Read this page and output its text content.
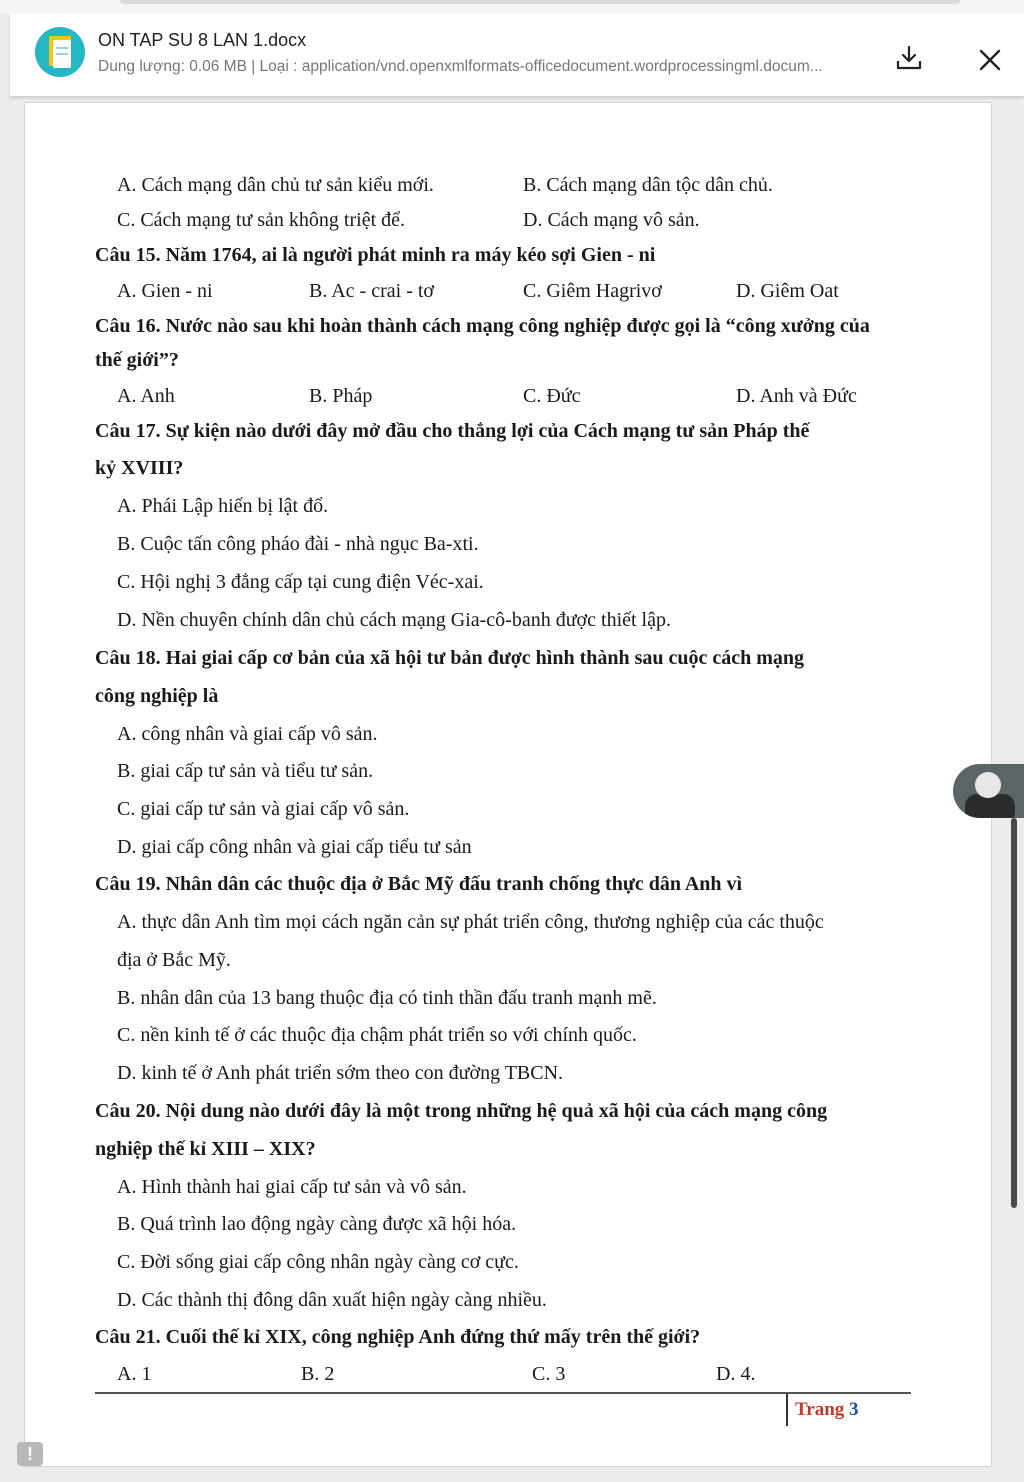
ON TAP SU 8 LAN 1.docx
Dung lượng: 0.06 MB | Loại : application/vnd.openxmlformats-officedocument.wordprocessingml.docum...
A. Cách mạng dân chủ tư sản kiểu mới.	B. Cách mạng dân tộc dân chủ.
C. Cách mạng tư sản không triệt để.	D. Cách mạng vô sản.
Câu 15. Năm 1764, ai là người phát minh ra máy kéo sợi Gien - ni
A. Gien - ni	B. Ac - crai - tơ	C. Giêm Hagrivơ	D. Giêm Oat
Câu 16. Nước nào sau khi hoàn thành cách mạng công nghiệp được gọi là “công xưởng của
thế giới”?
A. Anh	B. Pháp	C. Đức	D. Anh và Đức
Câu 17. Sự kiện nào dưới đây mở đầu cho thắng lợi của Cách mạng tư sản Pháp thế
kỷ XVIII?
A. Phái Lập hiến bị lật đổ.
B. Cuộc tấn công pháo đài - nhà ngục Ba-xti.
C. Hội nghị 3 đẳng cấp tại cung điện Véc-xai.
D. Nền chuyên chính dân chủ cách mạng Gia-cô-banh được thiết lập.
Câu 18. Hai giai cấp cơ bản của xã hội tư bản được hình thành sau cuộc cách mạng
công nghiệp là
A. công nhân và giai cấp vô sản.
B. giai cấp tư sản và tiểu tư sản.
C. giai cấp tư sản và giai cấp vô sản.
D. giai cấp công nhân và giai cấp tiểu tư sản
Câu 19. Nhân dân các thuộc địa ở Bắc Mỹ đấu tranh chống thực dân Anh vì
A. thực dân Anh tìm mọi cách ngăn cản sự phát triển công, thương nghiệp của các thuộc
địa ở Bắc Mỹ.
B. nhân dân của 13 bang thuộc địa có tinh thần đấu tranh mạnh mẽ.
C. nền kinh tế ở các thuộc địa chậm phát triển so với chính quốc.
D. kinh tế ở Anh phát triển sớm theo con đường TBCN.
Câu 20. Nội dung nào dưới đây là một trong những hệ quả xã hội của cách mạng công
nghiệp thế kỉ XIII – XIX?
A. Hình thành hai giai cấp tư sản và vô sản.
B. Quá trình lao động ngày càng được xã hội hóa.
C. Đời sống giai cấp công nhân ngày càng cơ cực.
D. Các thành thị đông dân xuất hiện ngày càng nhiều.
Câu 21. Cuối thế kỉ XIX, công nghiệp Anh đứng thứ mấy trên thế giới?
A. 1	B. 2	C. 3	D. 4.
Trang 3
!
